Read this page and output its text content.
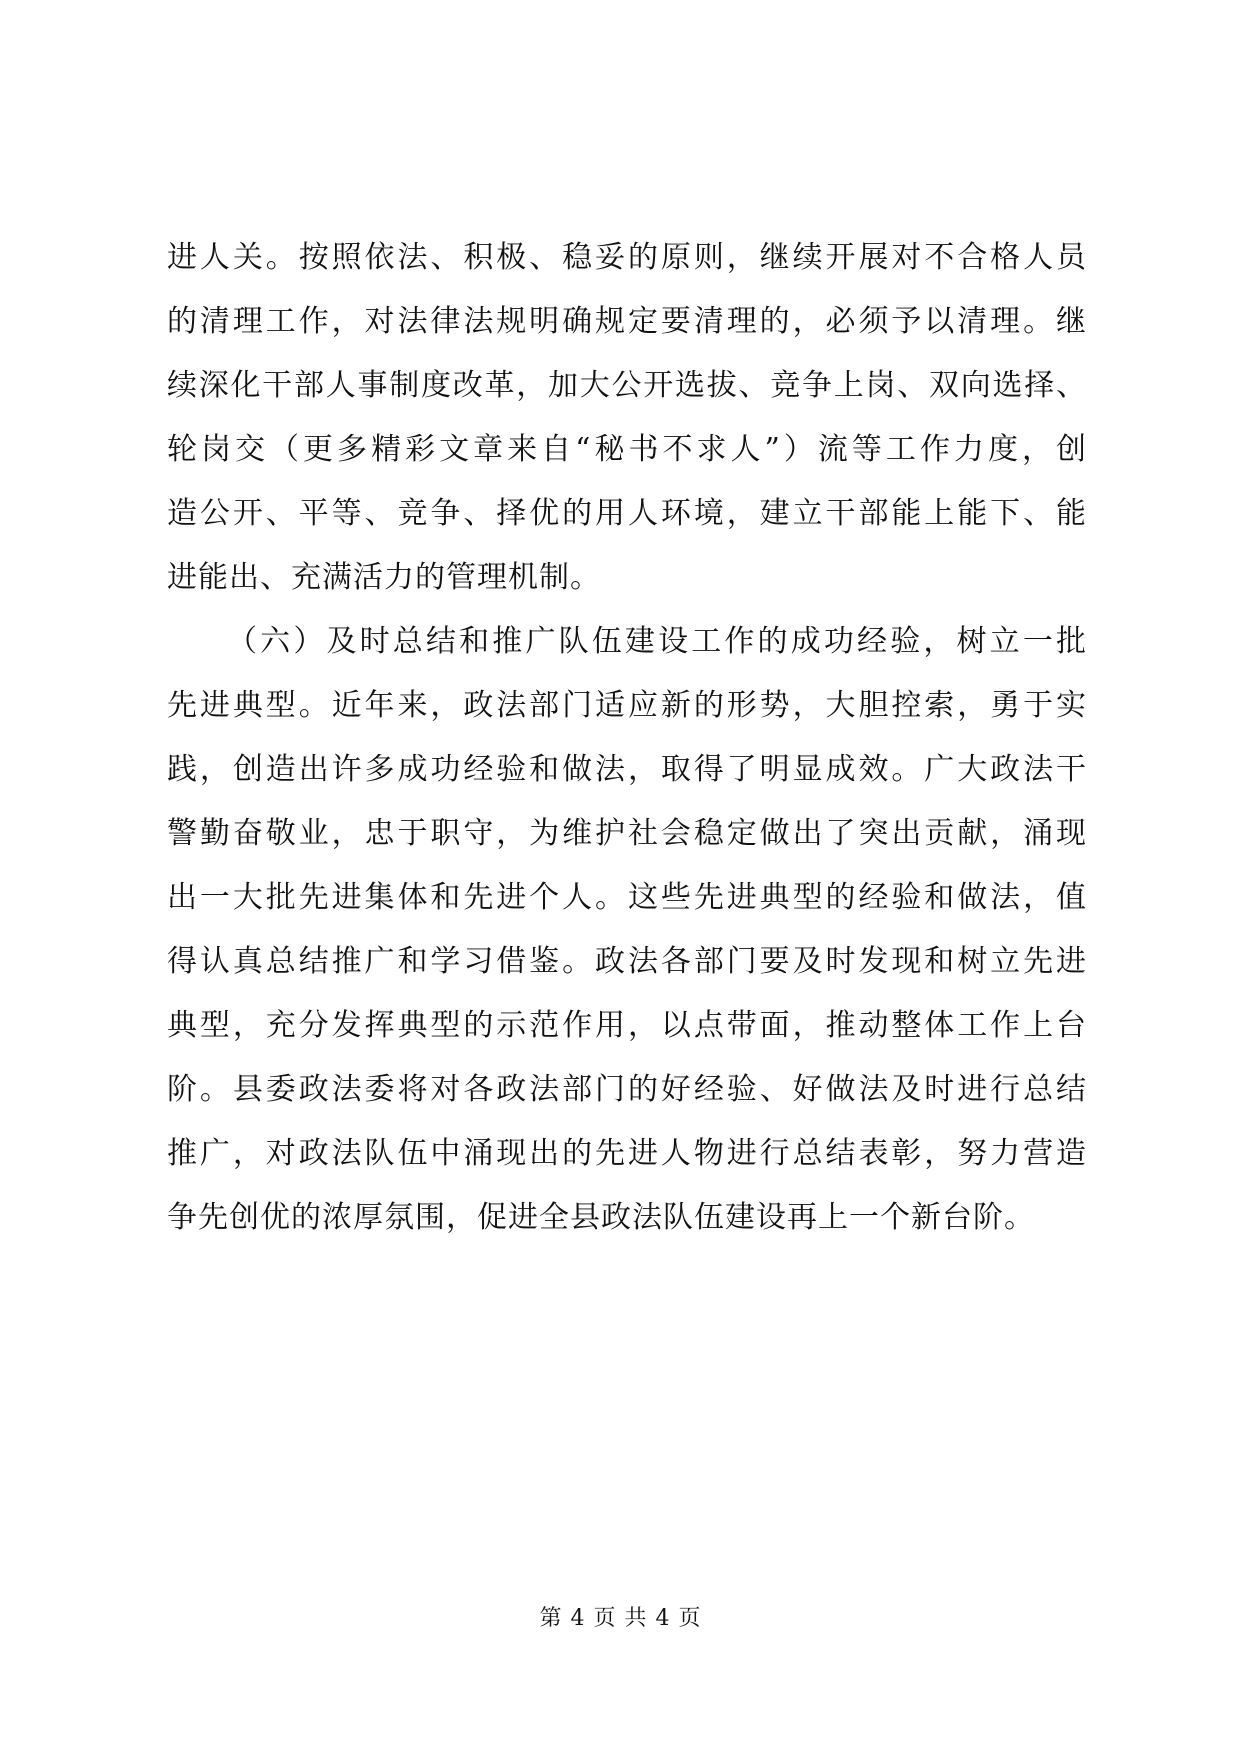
进人关。按照依法、积极、稳妥的原则，继续开展对不合格人员
的清理工作，对法律法规明确规定要清理的，必须予以清理。继
续深化干部人事制度改革，加大公开选拔、竞争上岗、双向选择、
轮岗交（更多精彩文章来自“秘书不求人”）流等工作力度，创
造公开、平等、竞争、择优的用人环境，建立干部能上能下、能
进能出、充满活力的管理机制。
（六）及时总结和推广队伍建设工作的成功经验，树立一批
先进典型。近年来，政法部门适应新的形势，大胆控索，勇于实
践，创造出许多成功经验和做法，取得了明显成效。广大政法干
警勤奋敬业，忠于职守，为维护社会稳定做出了突出贡献，涌现
出一大批先进集体和先进个人。这些先进典型的经验和做法，值
得认真总结推广和学习借鉴。政法各部门要及时发现和树立先进
典型，充分发挥典型的示范作用，以点带面，推动整体工作上台
阶。县委政法委将对各政法部门的好经验、好做法及时进行总结
推广，对政法队伍中涌现出的先进人物进行总结表彰，努力营造
争先创优的浓厚氛围，促进全县政法队伍建设再上一个新台阶。
第 4 页 共 4 页
